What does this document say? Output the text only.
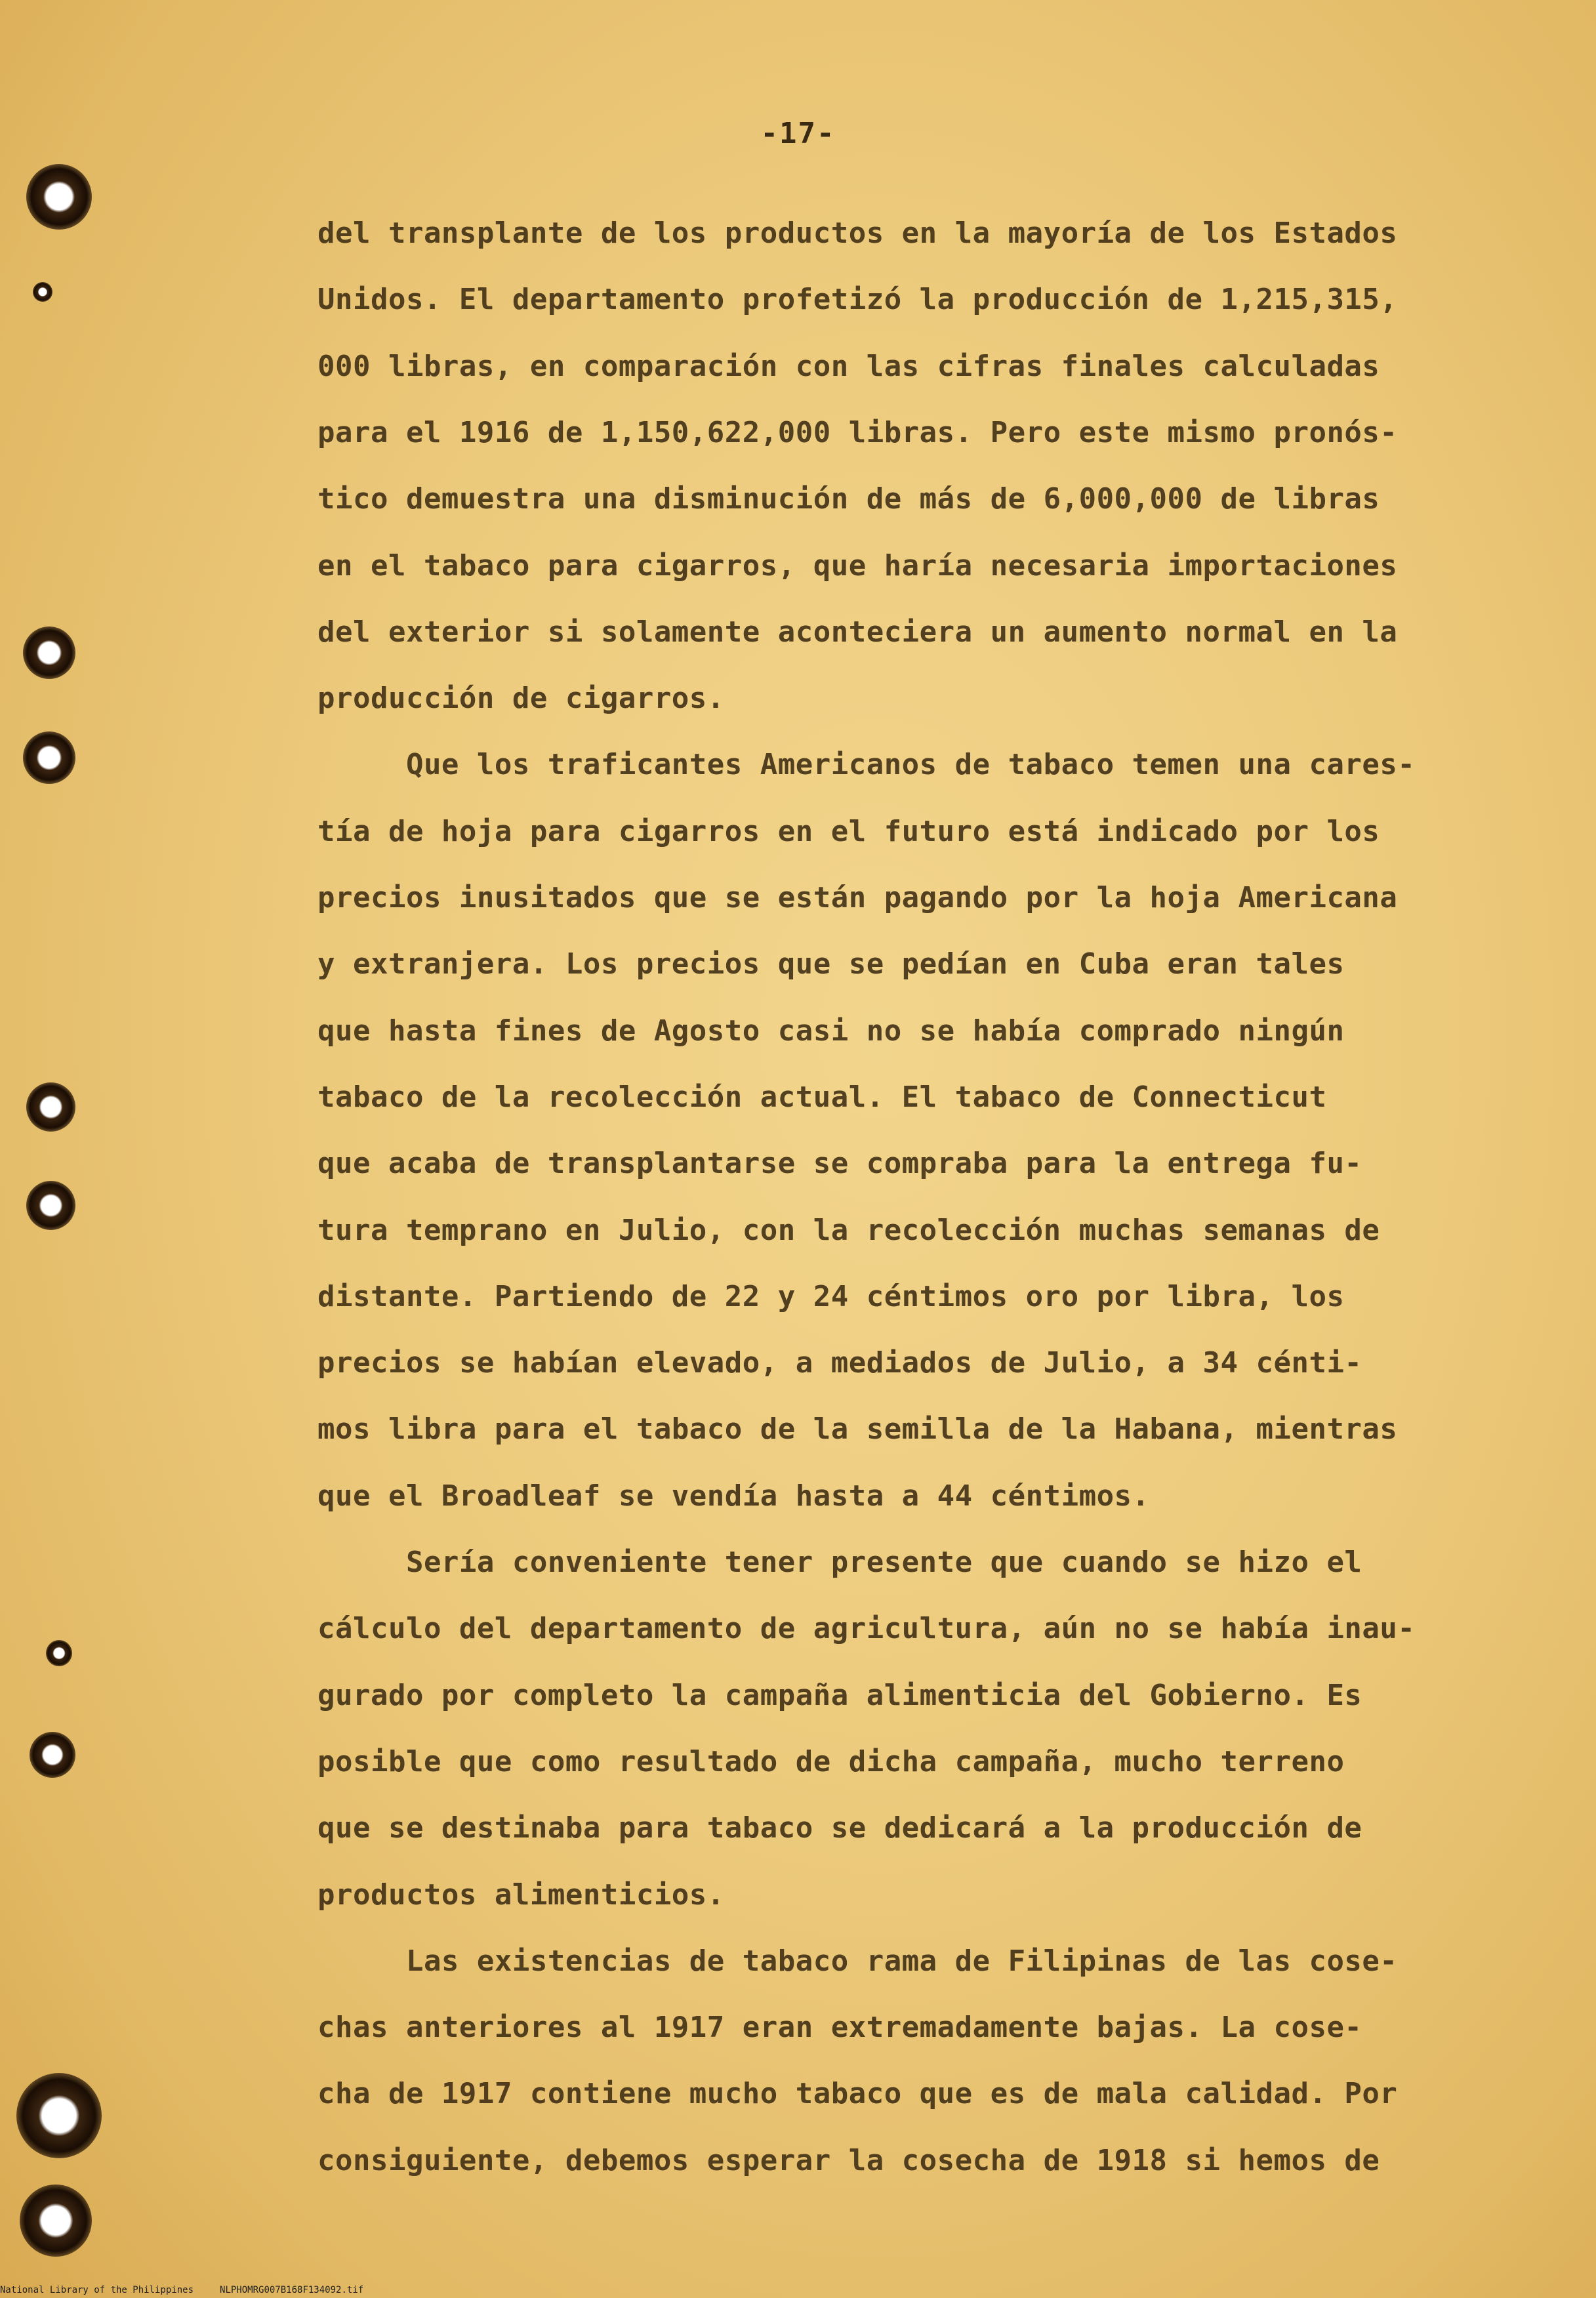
-17-
del transplante de los productos en la mayoría de los Estados
Unidos. El departamento profetizó la producción de 1,215,315,
000 libras, en comparación con las cifras finales calculadas
para el 1916 de 1,150,622,000 libras. Pero este mismo pronós-
tico demuestra una disminución de más de 6,000,000 de libras
en el tabaco para cigarros, que haría necesaria importaciones
del exterior si solamente aconteciera un aumento normal en la
producción de cigarros.
Que los traficantes Americanos de tabaco temen una cares-
tía de hoja para cigarros en el futuro está indicado por los
precios inusitados que se están pagando por la hoja Americana
y extranjera. Los precios que se pedían en Cuba eran tales
que hasta fines de Agosto casi no se había comprado ningún
tabaco de la recolección actual. El tabaco de Connecticut
que acaba de transplantarse se compraba para la entrega fu-
tura temprano en Julio, con la recolección muchas semanas de
distante. Partiendo de 22 y 24 céntimos oro por libra, los
precios se habían elevado, a mediados de Julio, a 34 cénti-
mos libra para el tabaco de la semilla de la Habana, mientras
que el Broadleaf se vendía hasta a 44 céntimos.
Sería conveniente tener presente que cuando se hizo el
cálculo del departamento de agricultura, aún no se había inau-
gurado por completo la campaña alimenticia del Gobierno. Es
posible que como resultado de dicha campaña, mucho terreno
que se destinaba para tabaco se dedicará a la producción de
productos alimenticios.
Las existencias de tabaco rama de Filipinas de las cose-
chas anteriores al 1917 eran extremadamente bajas. La cose-
cha de 1917 contiene mucho tabaco que es de mala calidad. Por
consiguiente, debemos esperar la cosecha de 1918 si hemos de
National Library of the Philippines	NLPHOMRG007B168F134092.tif
